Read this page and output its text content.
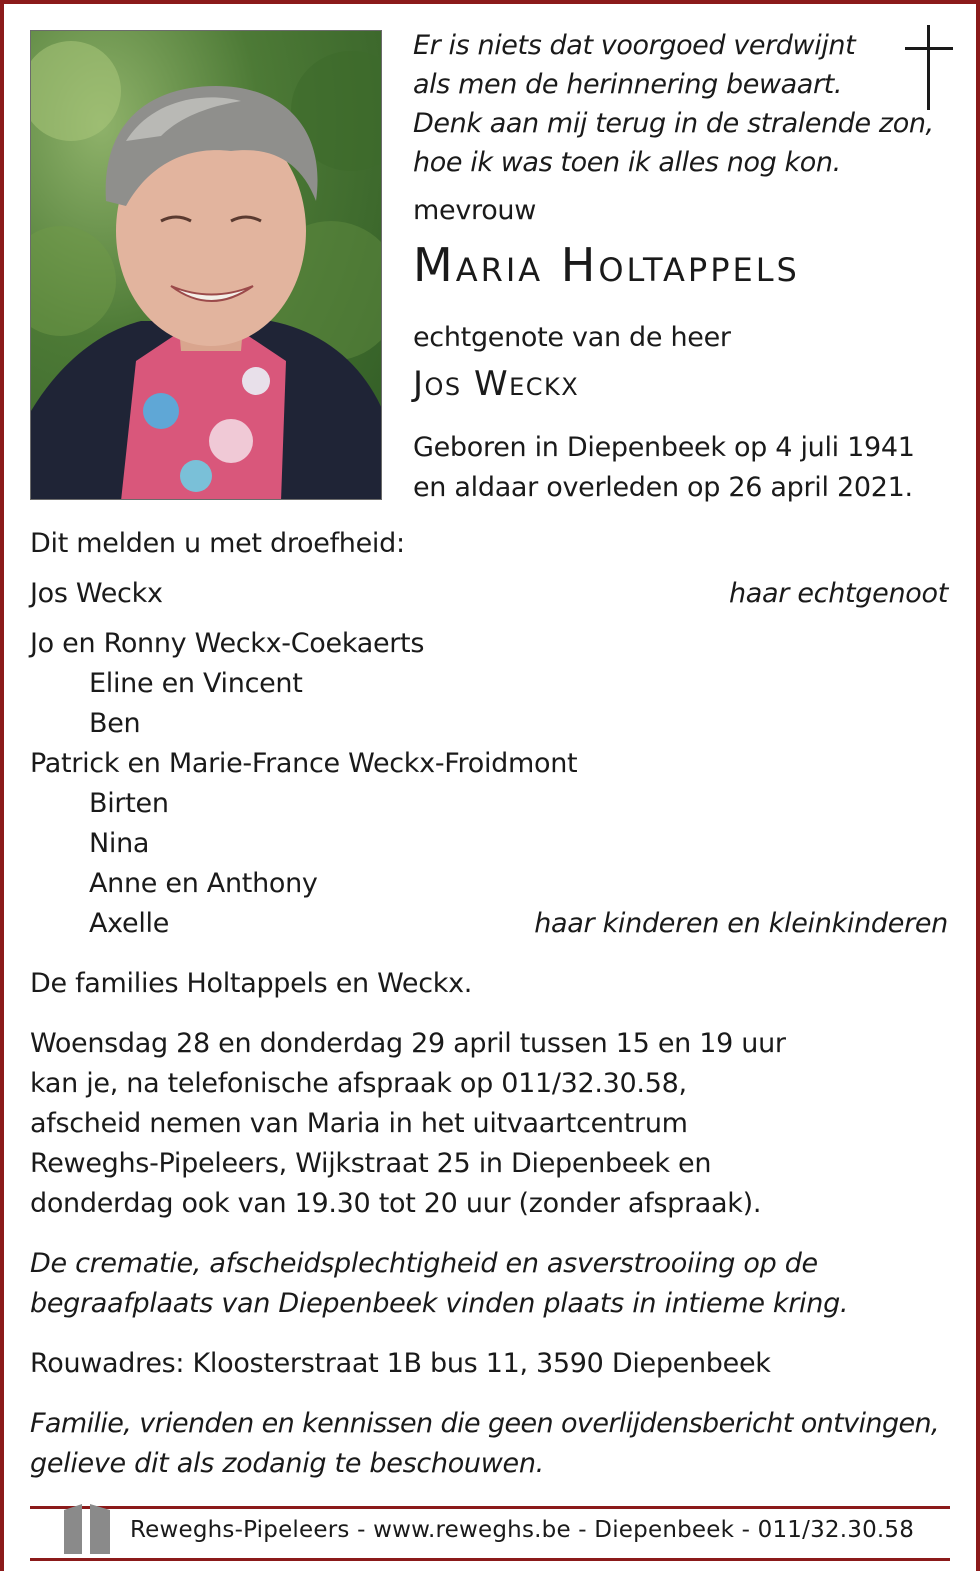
Er is niets dat voorgoed verdwijnt
als men de herinnering bewaart.
Denk aan mij terug in de stralende zon,
hoe ik was toen ik alles nog kon.
mevrouw
Maria Holtappels
echtgenote van de heer
Jos Weckx
Geboren in Diepenbeek op 4 juli 1941
en aldaar overleden op 26 april 2021.
Dit melden u met droefheid:
Jos Weckx	haar echtgenoot
Jo en Ronny Weckx-Coekaerts
Eline en Vincent
Ben
Patrick en Marie-France Weckx-Froidmont
Birten
Nina
Anne en Anthony
Axelle	haar kinderen en kleinkinderen
De families Holtappels en Weckx.
Woensdag 28 en donderdag 29 april tussen 15 en 19 uur
kan je, na telefonische afspraak op 011/32.30.58,
afscheid nemen van Maria in het uitvaartcentrum
Reweghs-Pipeleers, Wijkstraat 25 in Diepenbeek en
donderdag ook van 19.30 tot 20 uur (zonder afspraak).
De crematie, afscheidsplechtigheid en asverstrooiing op de
begraafplaats van Diepenbeek vinden plaats in intieme kring.
Rouwadres: Kloosterstraat 1B bus 11, 3590 Diepenbeek
Familie, vrienden en kennissen die geen overlijdensbericht ontvingen,
gelieve dit als zodanig te beschouwen.
Reweghs-Pipeleers - www.reweghs.be - Diepenbeek - 011/32.30.58
